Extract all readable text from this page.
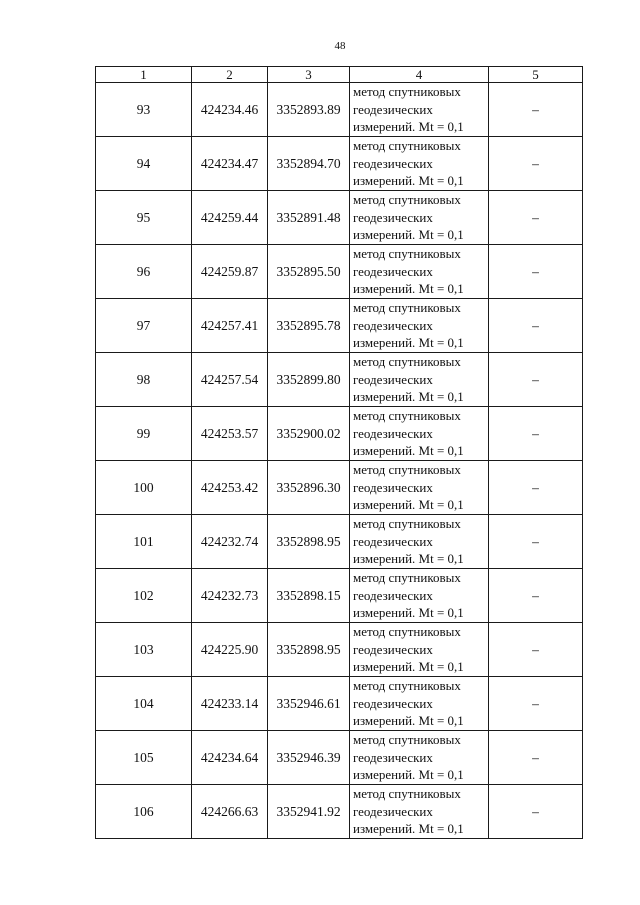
48
1	2	3	4	5
93	424234.46	3352893.89	метод спутниковых
геодезических
измерений. Mt = 0,1	–
94	424234.47	3352894.70	метод спутниковых
геодезических
измерений. Mt = 0,1	–
95	424259.44	3352891.48	метод спутниковых
геодезических
измерений. Mt = 0,1	–
96	424259.87	3352895.50	метод спутниковых
геодезических
измерений. Mt = 0,1	–
97	424257.41	3352895.78	метод спутниковых
геодезических
измерений. Mt = 0,1	–
98	424257.54	3352899.80	метод спутниковых
геодезических
измерений. Mt = 0,1	–
99	424253.57	3352900.02	метод спутниковых
геодезических
измерений. Mt = 0,1	–
100	424253.42	3352896.30	метод спутниковых
геодезических
измерений. Mt = 0,1	–
101	424232.74	3352898.95	метод спутниковых
геодезических
измерений. Mt = 0,1	–
102	424232.73	3352898.15	метод спутниковых
геодезических
измерений. Mt = 0,1	–
103	424225.90	3352898.95	метод спутниковых
геодезических
измерений. Mt = 0,1	–
104	424233.14	3352946.61	метод спутниковых
геодезических
измерений. Mt = 0,1	–
105	424234.64	3352946.39	метод спутниковых
геодезических
измерений. Mt = 0,1	–
106	424266.63	3352941.92	метод спутниковых
геодезических
измерений. Mt = 0,1	–
